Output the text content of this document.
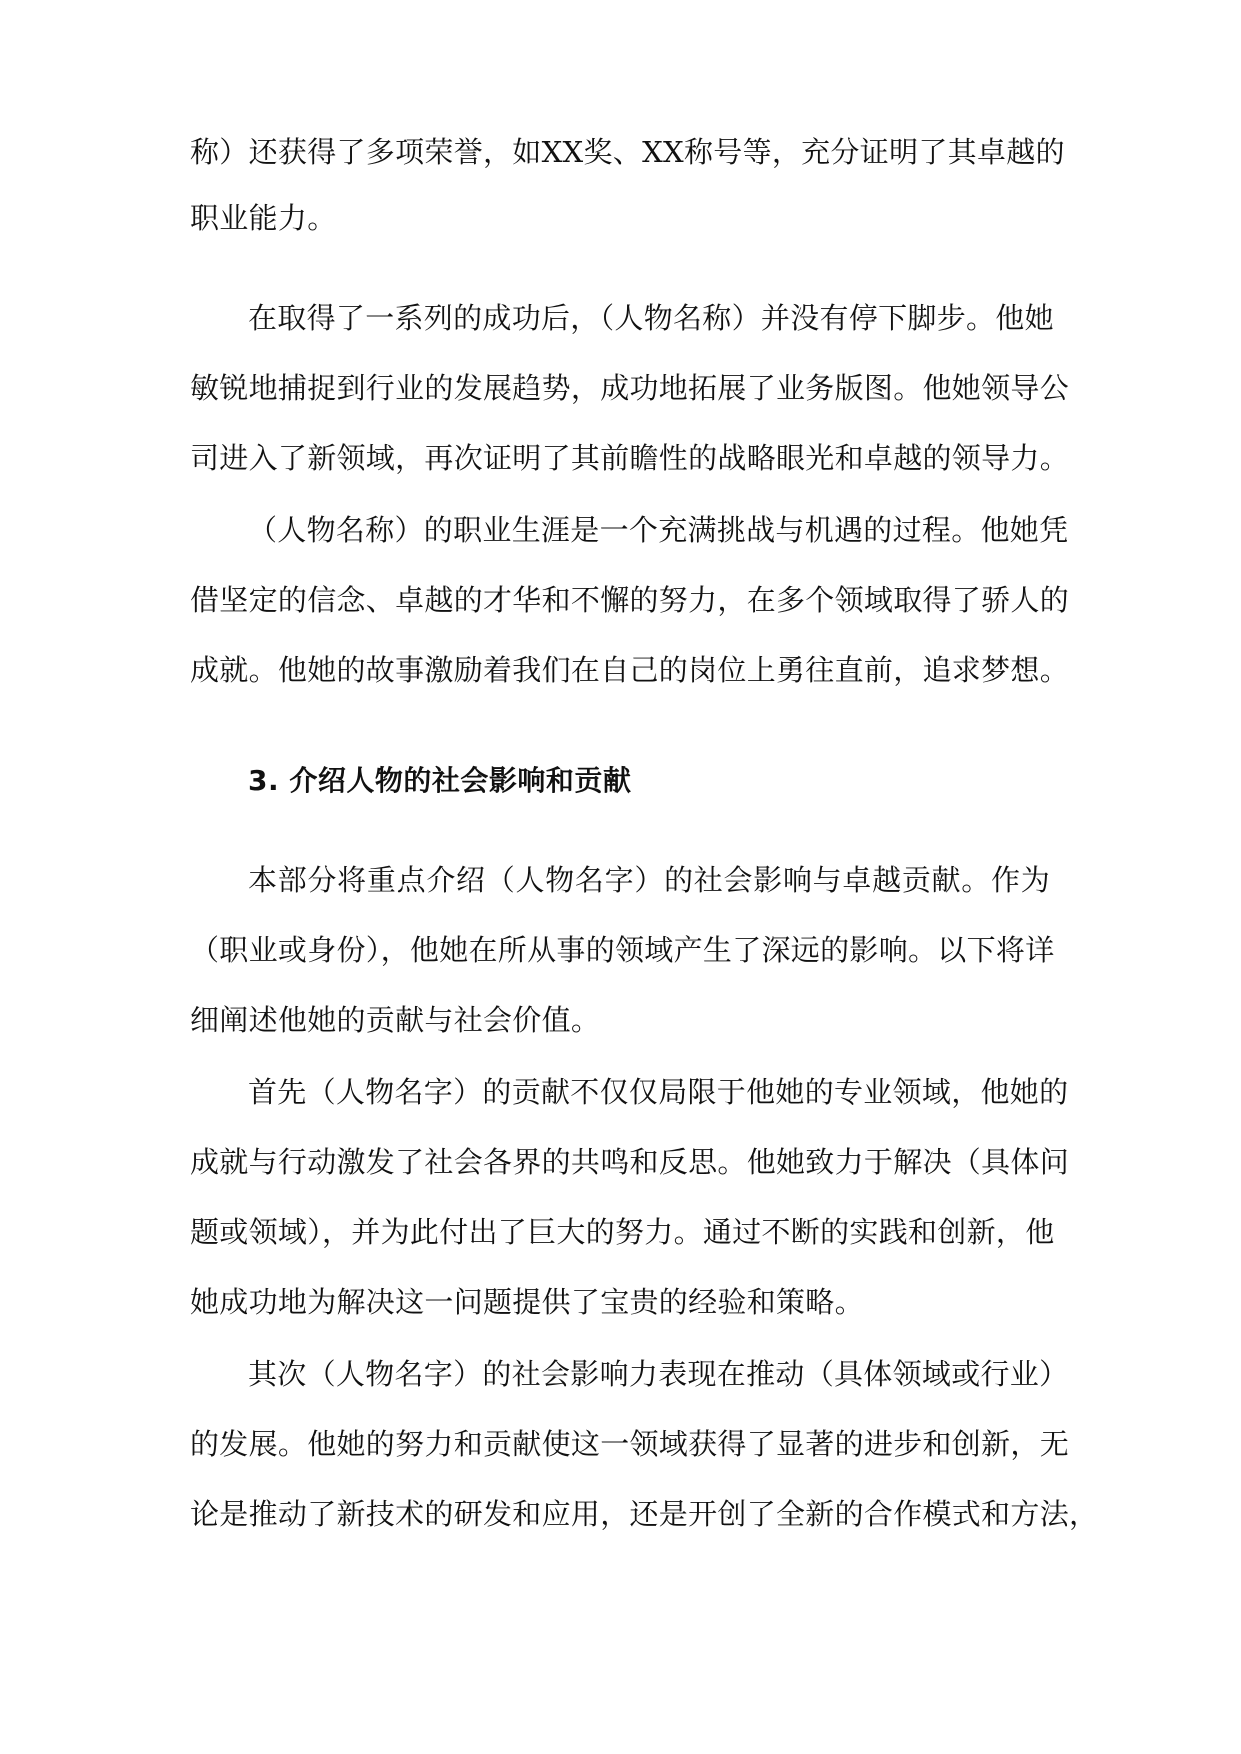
称）还获得了多项荣誉，如XX奖、XX称号等，充分证明了其卓越的
职业能力。
在取得了一系列的成功后，（人物名称）并没有停下脚步。他她
敏锐地捕捉到行业的发展趋势，成功地拓展了业务版图。他她领导公
司进入了新领域，再次证明了其前瞻性的战略眼光和卓越的领导力。
（人物名称）的职业生涯是一个充满挑战与机遇的过程。他她凭
借坚定的信念、卓越的才华和不懈的努力，在多个领域取得了骄人的
成就。他她的故事激励着我们在自己的岗位上勇往直前，追求梦想。
3. 介绍人物的社会影响和贡献
本部分将重点介绍（人物名字）的社会影响与卓越贡献。作为
（职业或身份），他她在所从事的领域产生了深远的影响。以下将详
细阐述他她的贡献与社会价值。
首先（人物名字）的贡献不仅仅局限于他她的专业领域，他她的
成就与行动激发了社会各界的共鸣和反思。他她致力于解决（具体问
题或领域），并为此付出了巨大的努力。通过不断的实践和创新，他
她成功地为解决这一问题提供了宝贵的经验和策略。
其次（人物名字）的社会影响力表现在推动（具体领域或行业）
的发展。他她的努力和贡献使这一领域获得了显著的进步和创新，无
论是推动了新技术的研发和应用，还是开创了全新的合作模式和方法，
